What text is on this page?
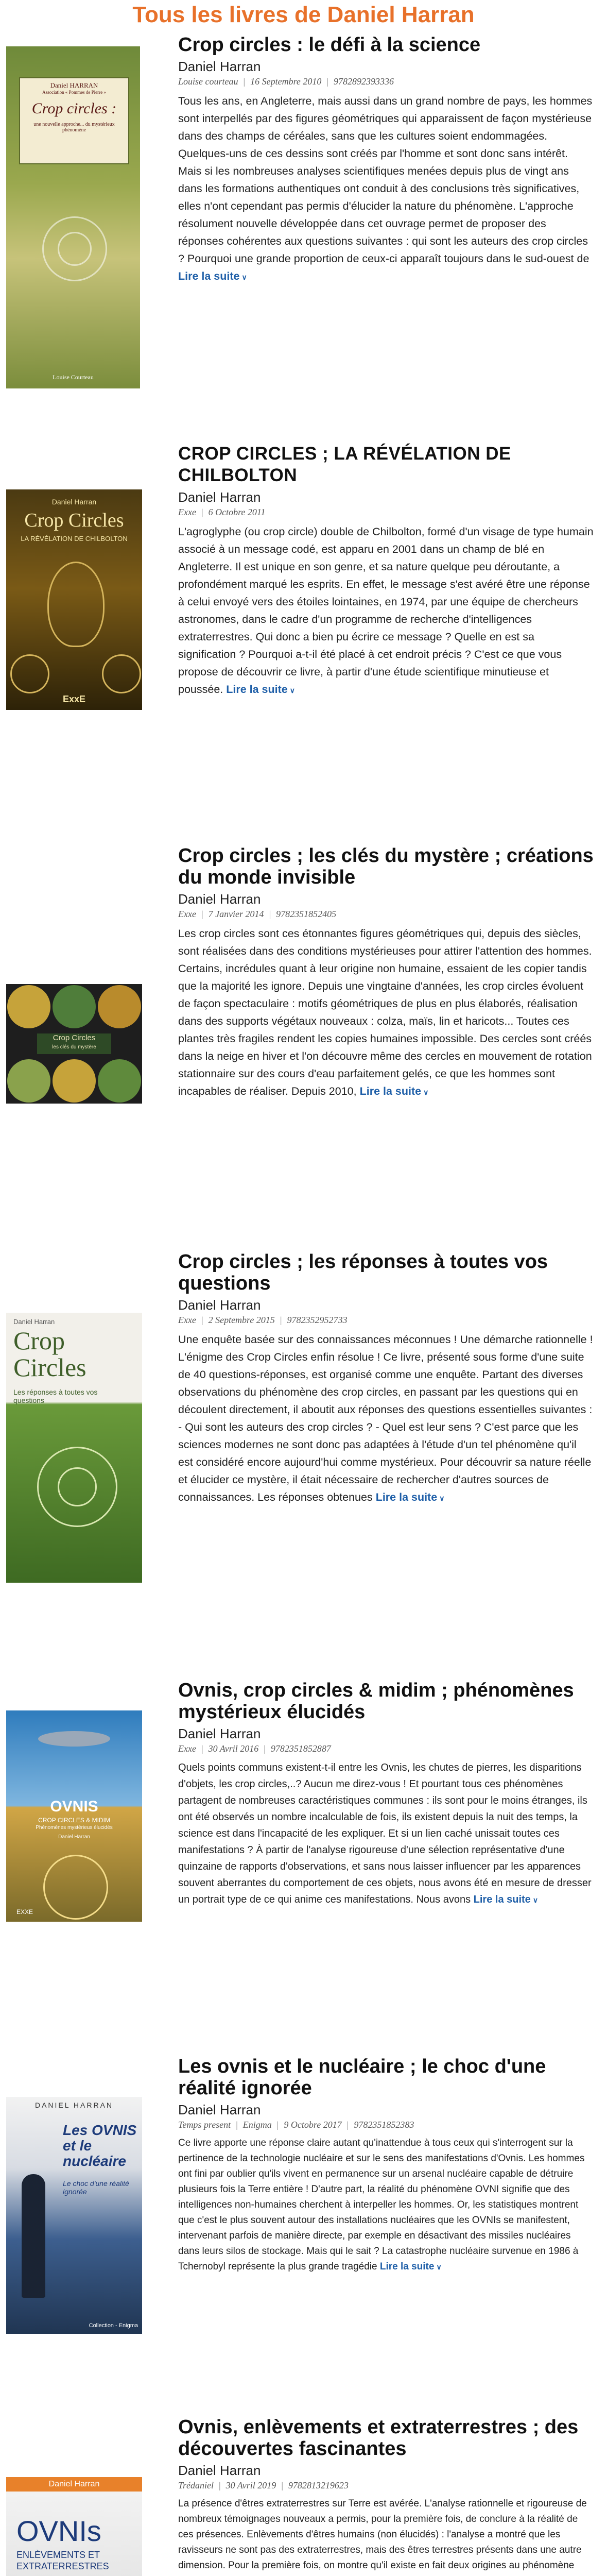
Tous les livres de Daniel Harran
Daniel HARRAN
Association « Pommes de Pierre »
Crop circles :
une nouvelle approche... du mystérieux phénomène
Louise Courteau
Crop circles : le défi à la science
Daniel Harran
Louise courteau | 16 Septembre 2010 | 9782892393336

Tous les ans, en Angleterre, mais aussi dans un grand nombre de pays, les hommes sont interpellés par des figures géométriques qui apparaissent de façon mystérieuse dans des champs de céréales, sans que les cultures soient endommagées. Quelques-uns de ces dessins sont créés par l'homme et sont donc sans intérêt. Mais si les nombreuses analyses scientifiques menées depuis plus de vingt ans dans les formations authentiques ont conduit à des conclusions très significatives, elles n'ont cependant pas permis d'élucider la nature du phénomène. L'approche résolument nouvelle développée dans cet ouvrage permet de proposer des réponses cohérentes aux questions suivantes : qui sont les auteurs des crop circles ? Pourquoi une grande proportion de ceux-ci apparaît toujours dans le sud-ouest de Lire la suite ∨

Daniel Harran
Crop Circles
LA RÉVÉLATION DE CHILBOLTON
ExxE
CROP CIRCLES ; LA RÉVÉLATION DE CHILBOLTON
Daniel Harran
Exxe | 6 Octobre 2011

L'agroglyphe (ou crop circle) double de Chilbolton, formé d'un visage de type humain associé à un message codé, est apparu en 2001 dans un champ de blé en Angleterre. Il est unique en son genre, et sa nature quelque peu déroutante, a profondément marqué les esprits. En effet, le message s'est avéré être une réponse à celui envoyé vers des étoiles lointaines, en 1974, par une équipe de chercheurs astronomes, dans le cadre d'un programme de recherche d'intelligences extraterrestres. Qui donc a bien pu écrire ce message ? Quelle en est sa signification ? Pourquoi a-t-il été placé à cet endroit précis ? C'est ce que vous propose de découvrir ce livre, à partir d'une étude scientifique minutieuse et poussée. Lire la suite ∨

Crop Circles
les clés du mystère
Crop circles ; les clés du mystère ; créations du monde invisible
Daniel Harran
Exxe | 7 Janvier 2014 | 9782351852405

Les crop circles sont ces étonnantes figures géométriques qui, depuis des siècles, sont réalisées dans des conditions mystérieuses pour attirer l'attention des hommes. Certains, incrédules quant à leur origine non humaine, essaient de les copier tandis que la majorité les ignore. Depuis une vingtaine d'années, les crop circles évoluent de façon spectaculaire : motifs géométriques de plus en plus élaborés, réalisation dans des supports végétaux nouveaux : colza, maïs, lin et haricots... Toutes ces plantes très fragiles rendent les copies humaines impossible. Des cercles sont créés dans la neige en hiver et l'on découvre même des cercles en mouvement de rotation stationnaire sur des cours d'eau parfaitement gelés, ce que les hommes sont incapables de réaliser. Depuis 2010, Lire la suite ∨

Daniel Harran
Crop Circles
Les réponses à toutes vos questions
Crop circles ; les réponses à toutes vos questions
Daniel Harran
Exxe | 2 Septembre 2015 | 9782352952733

Une enquête basée sur des connaissances méconnues ! Une démarche rationnelle ! L'énigme des Crop Circles enfin résolue ! Ce livre, présenté sous forme d'une suite de 40 questions-réponses, est organisé comme une enquête. Partant des diverses observations du phénomène des crop circles, en passant par les questions qui en découlent directement, il aboutit aux réponses des questions essentielles suivantes : - Qui sont les auteurs des crop circles ? - Quel est leur sens ? C'est parce que les sciences modernes ne sont donc pas adaptées à l'étude d'un tel phénomène qu'il est considéré encore aujourd'hui comme mystérieux. Pour découvrir sa nature réelle et élucider ce mystère, il était nécessaire de rechercher d'autres sources de connaissances. Les réponses obtenues Lire la suite ∨

OVNIS
CROP CIRCLES & MIDIM
Phénomènes mystérieux élucidés
Daniel Harran
EXXE
Ovnis, crop circles & midim ; phénomènes mystérieux élucidés
Daniel Harran
Exxe | 30 Avril 2016 | 9782351852887

Quels points communs existent-t-il entre les Ovnis, les chutes de pierres, les disparitions d'objets, les crop circles,..? Aucun me direz-vous ! Et pourtant tous ces phénomènes partagent de nombreuses caractéristiques communes : ils sont pour le moins étranges, ils ont été observés un nombre incalculable de fois, ils existent depuis la nuit des temps, la science est dans l'incapacité de les expliquer. Et si un lien caché unissait toutes ces manifestations ? À partir de l'analyse rigoureuse d'une sélection représentative d'une quinzaine de rapports d'observations, et sans nous laisser influencer par les apparences souvent aberrantes du comportement de ces objets, nous avons été en mesure de dresser un portrait type de ce qui anime ces manifestations. Nous avons Lire la suite ∨

DANIEL HARRAN
Les OVNIS et le nucléaire
Le choc d'une réalité ignorée
Collection - Enigma
Les ovnis et le nucléaire ; le choc d'une réalité ignorée
Daniel Harran
Temps present | Enigma | 9 Octobre 2017 | 9782351852383

Ce livre apporte une réponse claire autant qu'inattendue à tous ceux qui s'interrogent sur la pertinence de la technologie nucléaire et sur le sens des manifestations d'Ovnis. Les hommes ont fini par oublier qu'ils vivent en permanence sur un arsenal nucléaire capable de détruire plusieurs fois la Terre entière ! D'autre part, la réalité du phénomène OVNI signifie que des intelligences non-humaines cherchent à interpeller les hommes. Or, les statistiques montrent que c'est le plus souvent autour des installations nucléaires que les OVNIs se manifestent, intervenant parfois de manière directe, par exemple en désactivant des missiles nucléaires dans leurs silos de stockage. Mais qui le sait ? La catastrophe nucléaire survenue en 1986 à Tchernobyl représente la plus grande tragédie Lire la suite ∨

Daniel Harran
OVNIs
ENLÈVEMENTS ET EXTRATERRESTRES
Ovnis, enlèvements et extraterrestres ; des découvertes fascinantes
Daniel Harran
Trédaniel | 30 Avril 2019 | 9782813219623

La présence d'êtres extraterrestres sur Terre est avérée. L'analyse rationnelle et rigoureuse de nombreux témoignages nouveaux a permis, pour la première fois, de conclure à la réalité de ces présences. Enlèvements d'êtres humains (non élucidés) : l'analyse a montré que les ravisseurs ne sont pas des extraterrestres, mais des êtres terrestres présents dans une autre dimension. Pour la première fois, on montre qu'il existe en fait deux origines au phénomène
